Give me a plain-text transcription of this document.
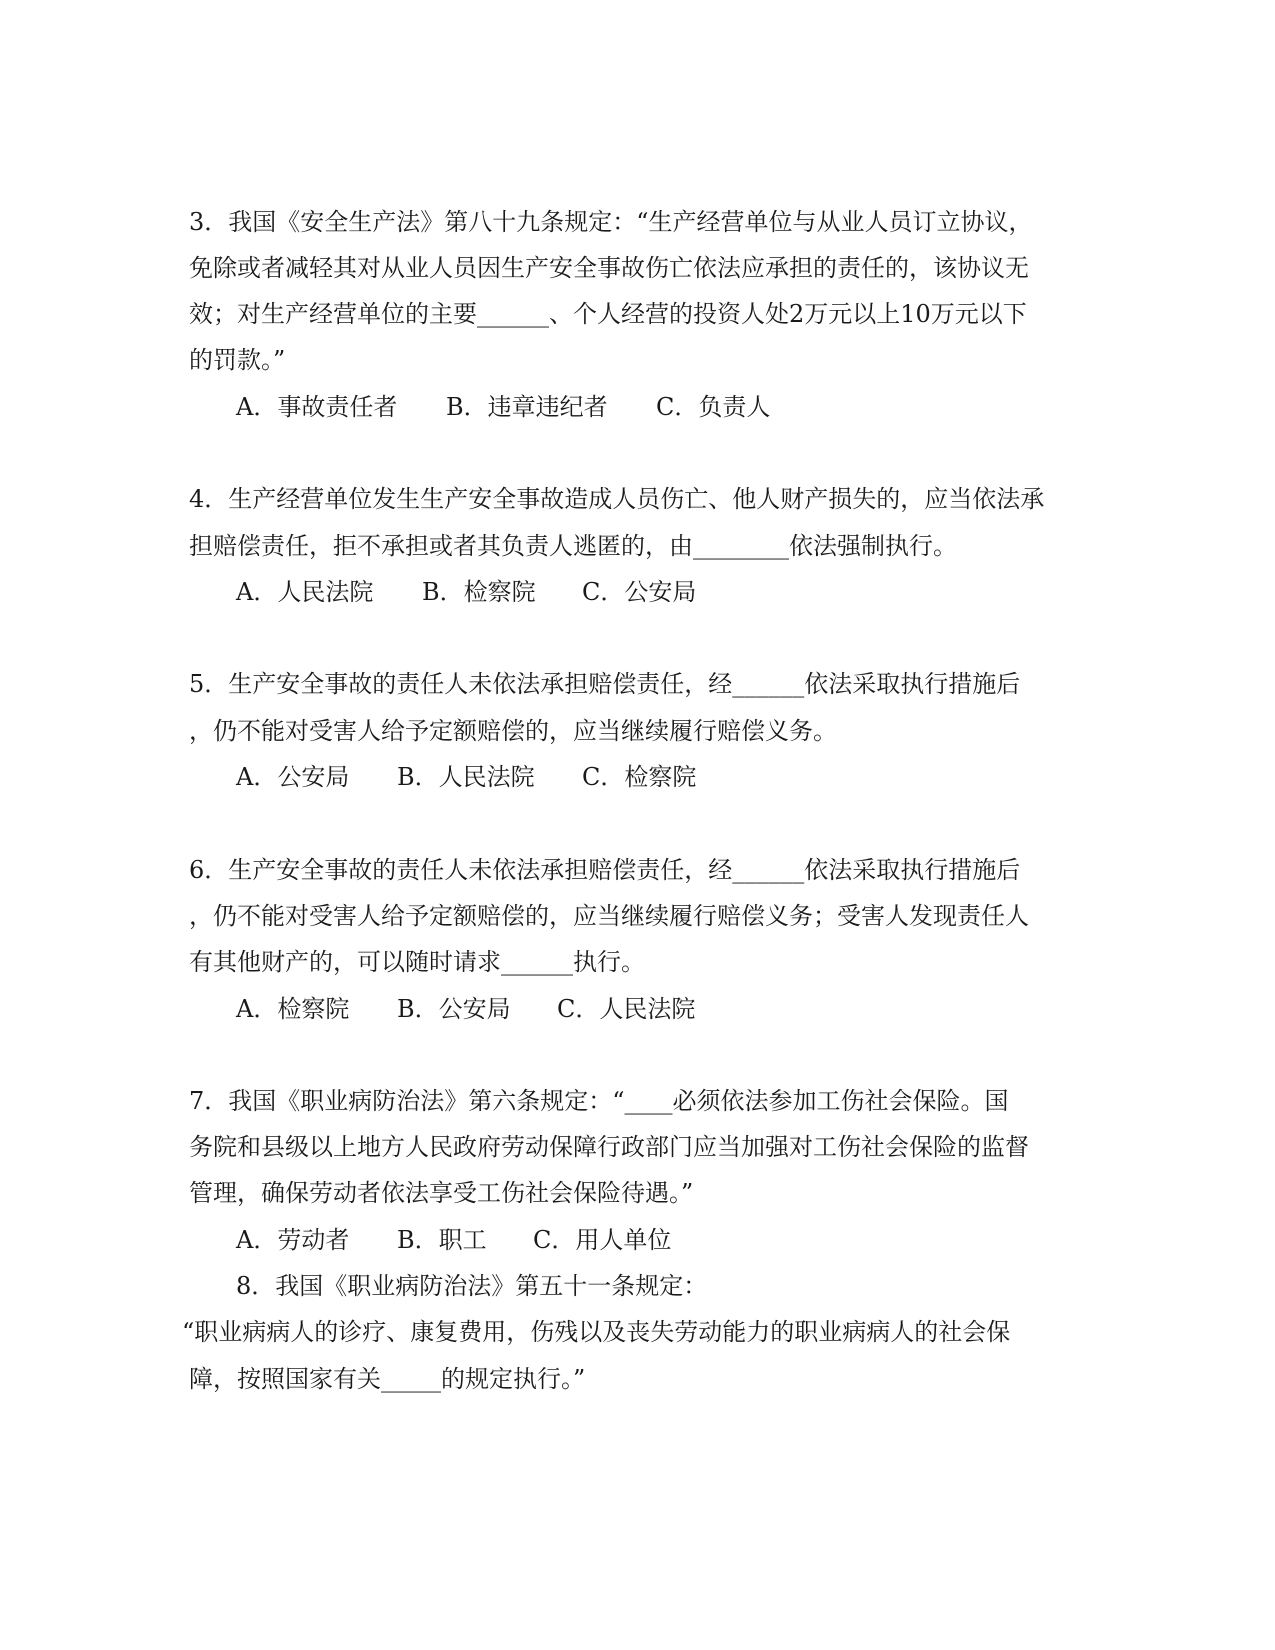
3．我国《安全生产法》第八十九条规定：“生产经营单位与从业人员订立协议，
免除或者减轻其对从业人员因生产安全事故伤亡依法应承担的责任的，该协议无
效；对生产经营单位的主要______、个人经营的投资人处2万元以上10万元以下
的罚款。”
A．事故责任者 B．违章违纪者 C．负责人
4．生产经营单位发生生产安全事故造成人员伤亡、他人财产损失的，应当依法承
担赔偿责任，拒不承担或者其负责人逃匿的，由________依法强制执行。
A．人民法院 B．检察院 C．公安局
5．生产安全事故的责任人未依法承担赔偿责任，经______依法采取执行措施后
，仍不能对受害人给予定额赔偿的，应当继续履行赔偿义务。
A．公安局 B．人民法院 C．检察院
6．生产安全事故的责任人未依法承担赔偿责任，经______依法采取执行措施后
，仍不能对受害人给予定额赔偿的，应当继续履行赔偿义务；受害人发现责任人
有其他财产的，可以随时请求______执行。
A．检察院 B．公安局 C．人民法院
7．我国《职业病防治法》第六条规定：“____必须依法参加工伤社会保险。国
务院和县级以上地方人民政府劳动保障行政部门应当加强对工伤社会保险的监督
管理，确保劳动者依法享受工伤社会保险待遇。”
A．劳动者 B．职工 C．用人单位
8．我国《职业病防治法》第五十一条规定：
“职业病病人的诊疗、康复费用，伤残以及丧失劳动能力的职业病病人的社会保
障，按照国家有关_____的规定执行。”
